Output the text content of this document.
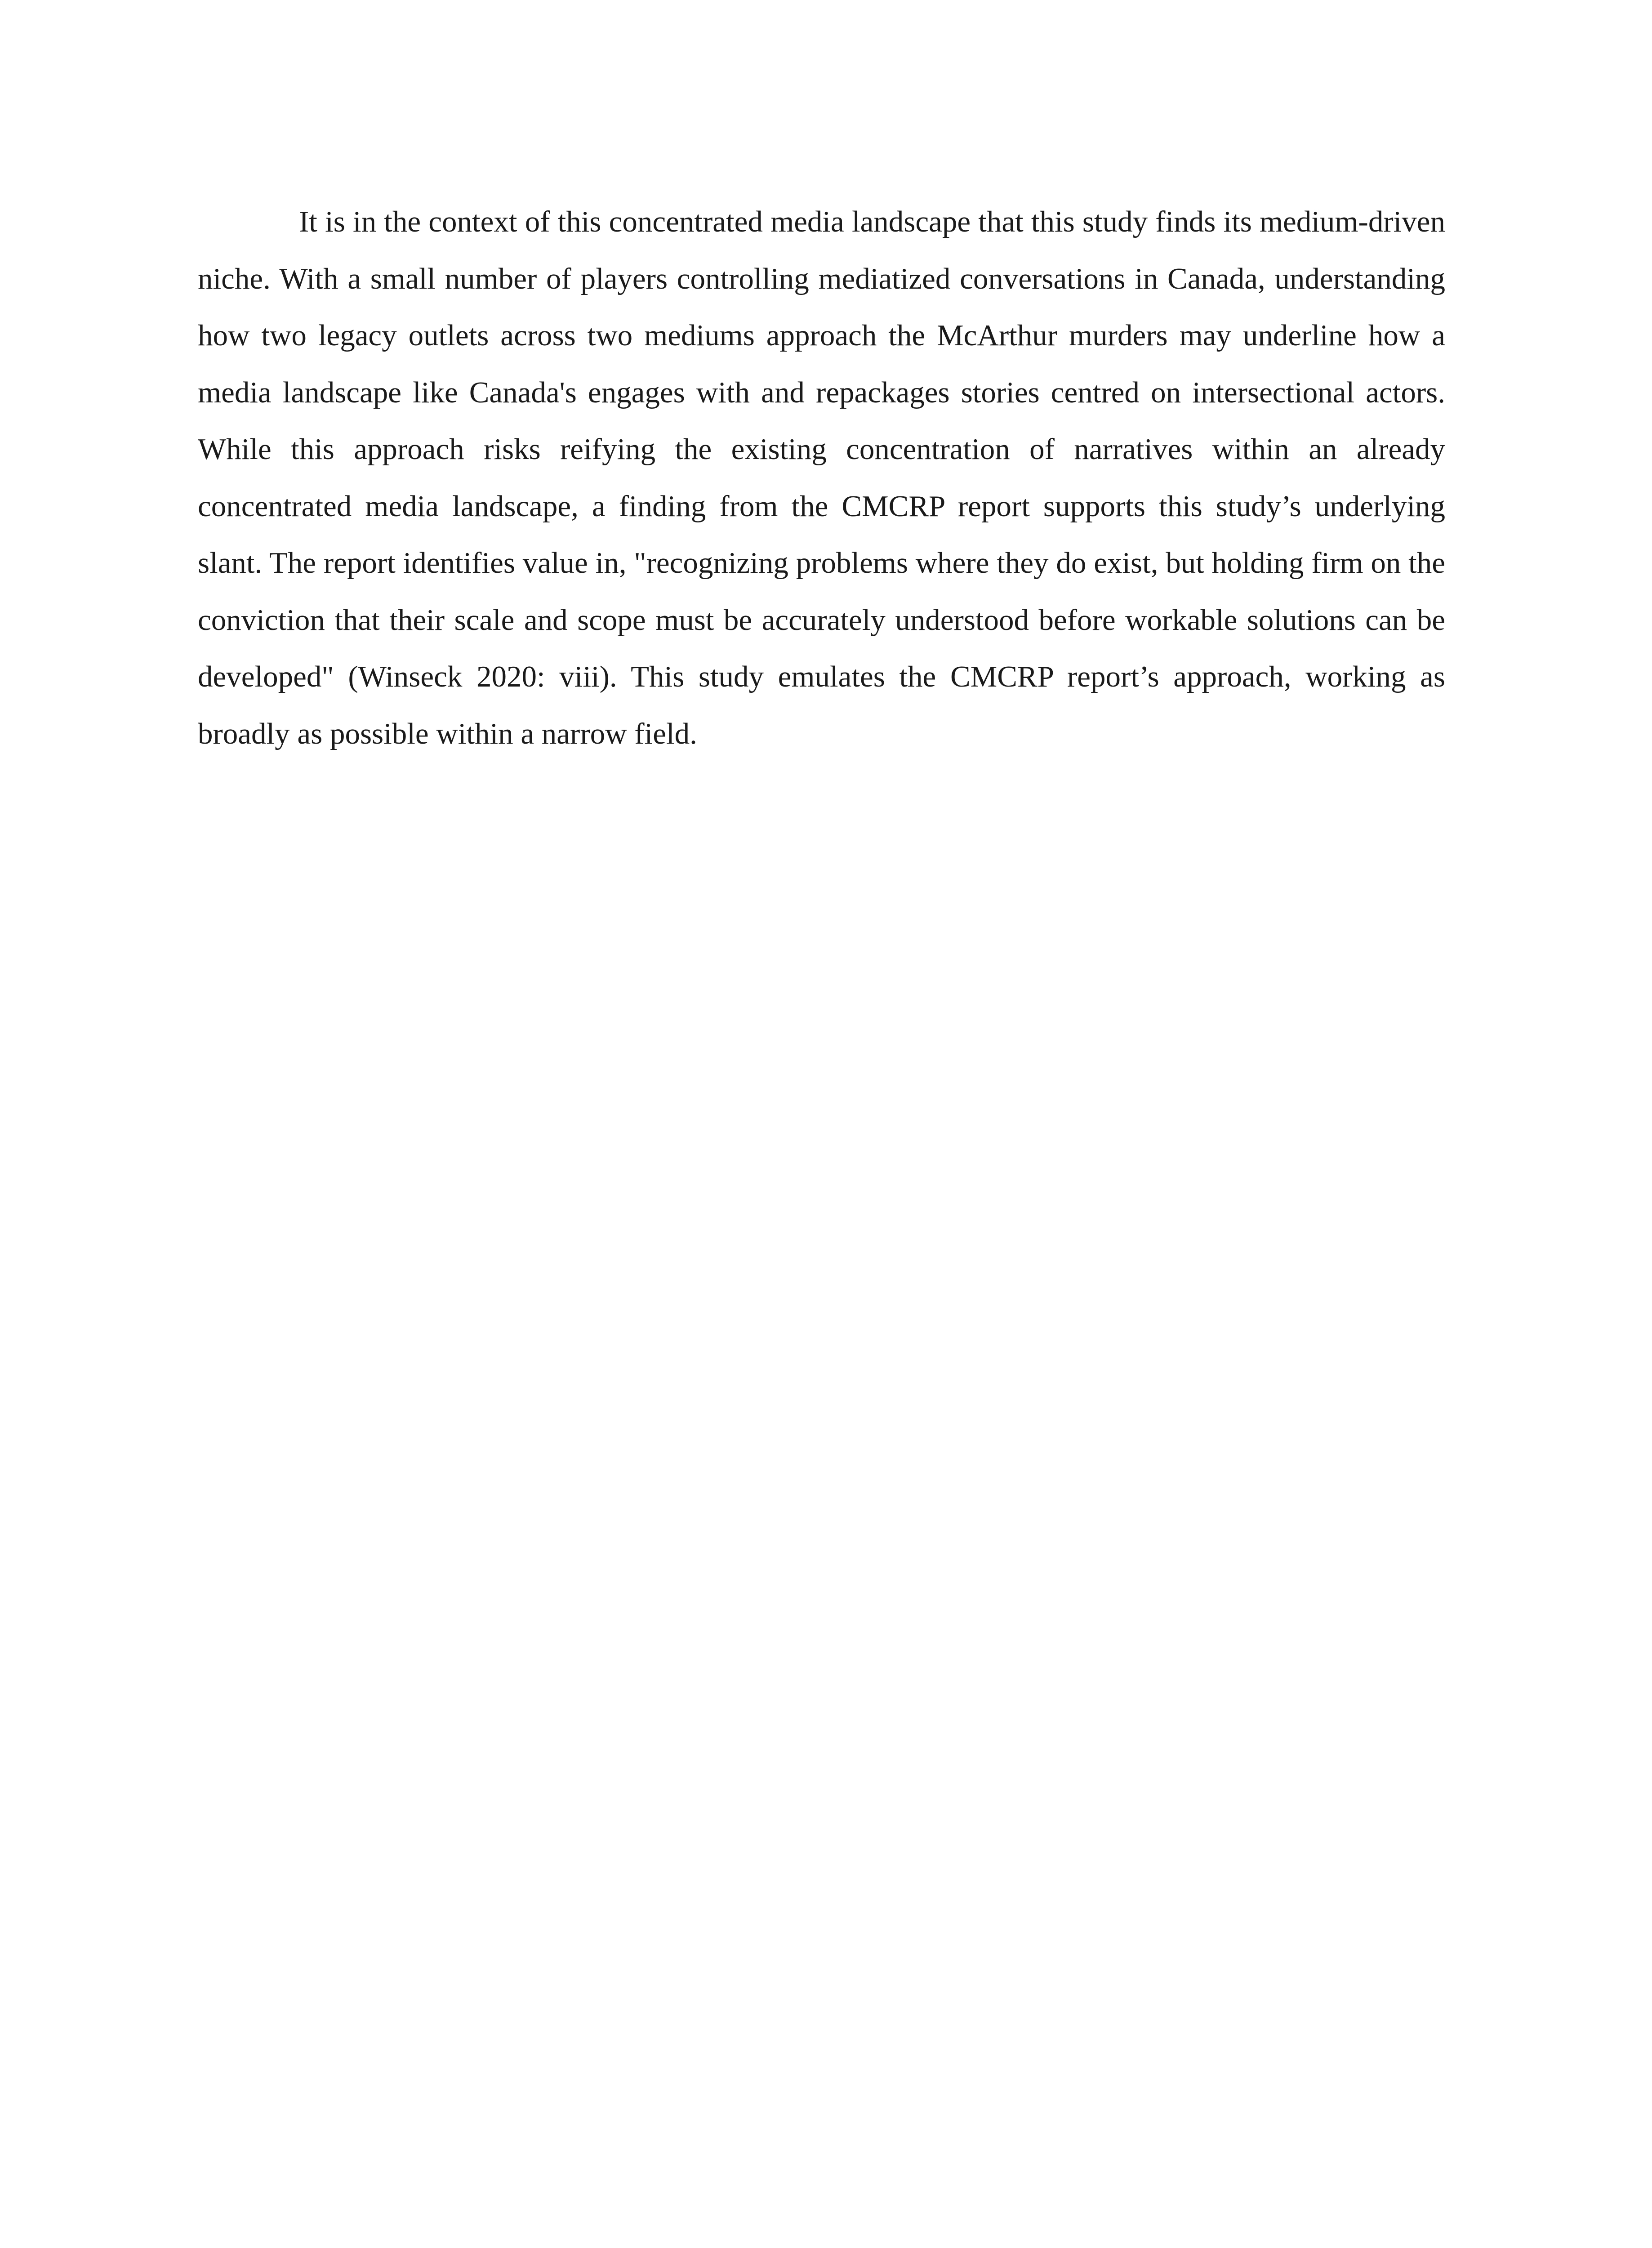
It is in the context of this concentrated media landscape that this study finds its medium-driven niche. With a small number of players controlling mediatized conversations in Canada, understanding how two legacy outlets across two mediums approach the McArthur murders may underline how a media landscape like Canada's engages with and repackages stories centred on intersectional actors. While this approach risks reifying the existing concentration of narratives within an already concentrated media landscape, a finding from the CMCRP report supports this study’s underlying slant. The report identifies value in, "recognizing problems where they do exist, but holding firm on the conviction that their scale and scope must be accurately understood before workable solutions can be developed" (Winseck 2020: viii). This study emulates the CMCRP report’s approach, working as broadly as possible within a narrow field.
